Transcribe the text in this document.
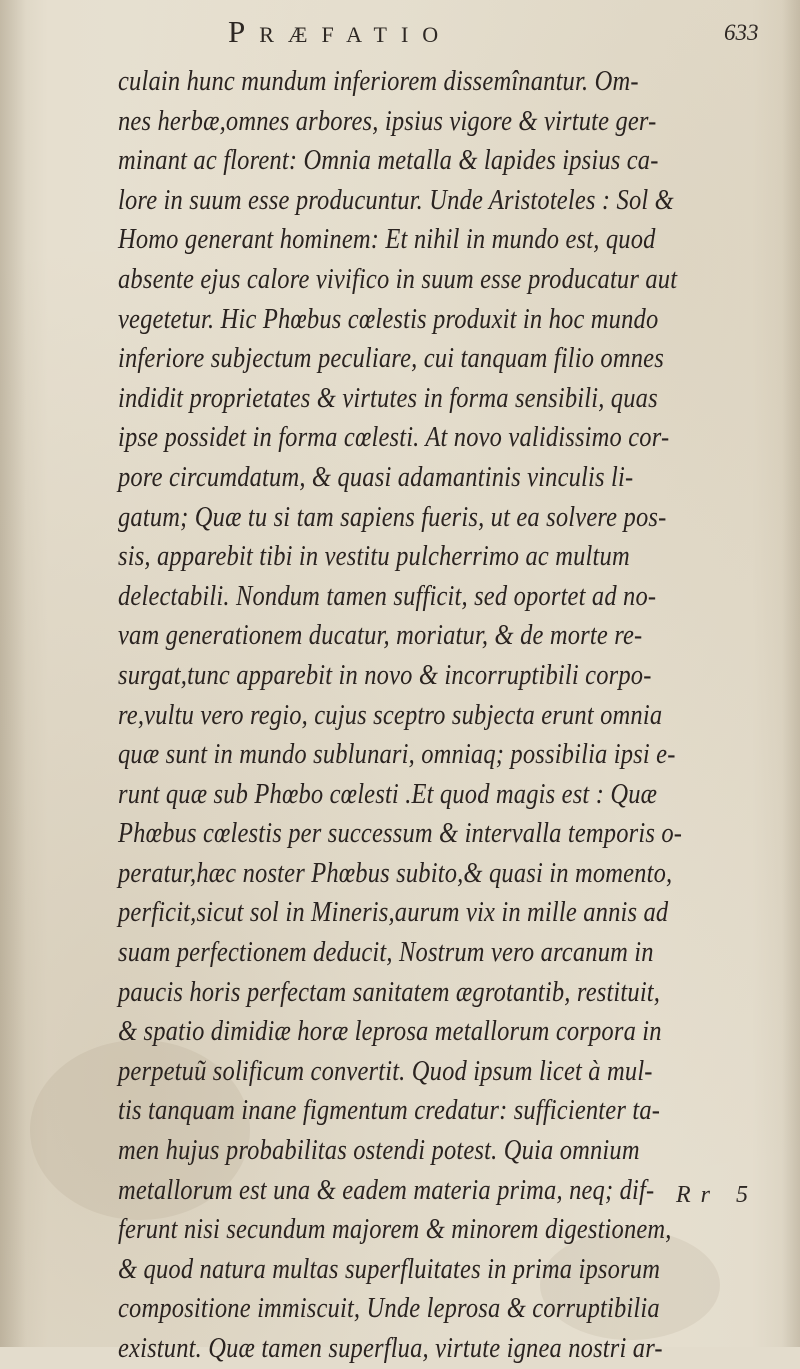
Præfatio	633
culain hunc mundum inferiorem dissemînantur. Om-
nes herbæ,omnes arbores, ipsius vigore & virtute ger-
minant ac florent: Omnia metalla & lapides ipsius ca-
lore in suum esse producuntur. Unde Aristoteles : Sol &
Homo generant hominem: Et nihil in mundo est, quod
absente ejus calore vivifico in suum esse producatur aut
vegetetur. Hic Phœbus cœlestis produxit in hoc mundo
inferiore subjectum peculiare, cui tanquam filio omnes
indidit proprietates & virtutes in forma sensibili, quas
ipse possidet in forma cœlesti. At novo validissimo cor-
pore circumdatum, & quasi adamantinis vinculis li-
gatum; Quæ tu si tam sapiens fueris, ut ea solvere pos-
sis, apparebit tibi in vestitu pulcherrimo ac multum
delectabili. Nondum tamen sufficit, sed oportet ad no-
vam generationem ducatur, moriatur, & de morte re-
surgat,tunc apparebit in novo & incorruptibili corpo-
re,vultu vero regio, cujus sceptro subjecta erunt omnia
quæ sunt in mundo sublunari, omniaq; possibilia ipsi e-
runt quæ sub Phœbo cœlesti .Et quod magis est : Quæ
Phœbus cœlestis per successum & intervalla temporis o-
peratur,hæc noster Phœbus subito,& quasi in momento,
perficit,sicut sol in Mineris,aurum vix in mille annis ad
suam perfectionem deducit, Nostrum vero arcanum in
paucis horis perfectam sanitatem ægrotantib, restituit,
& spatio dimidiæ horæ leprosa metallorum corpora in
perpetuũ solificum convertit. Quod ipsum licet à mul-
tis tanquam inane figmentum credatur: sufficienter ta-
men hujus probabilitas ostendi potest. Quia omnium
metallorum est una & eadem materia prima, neq; dif-
ferunt nisi secundum majorem & minorem digestionem,
& quod natura multas superfluitates in prima ipsorum
compositione immiscuit, Unde leprosa & corruptibilia
existunt. Quæ tamen superflua, virtute ignea nostri ar-
Rr 5
